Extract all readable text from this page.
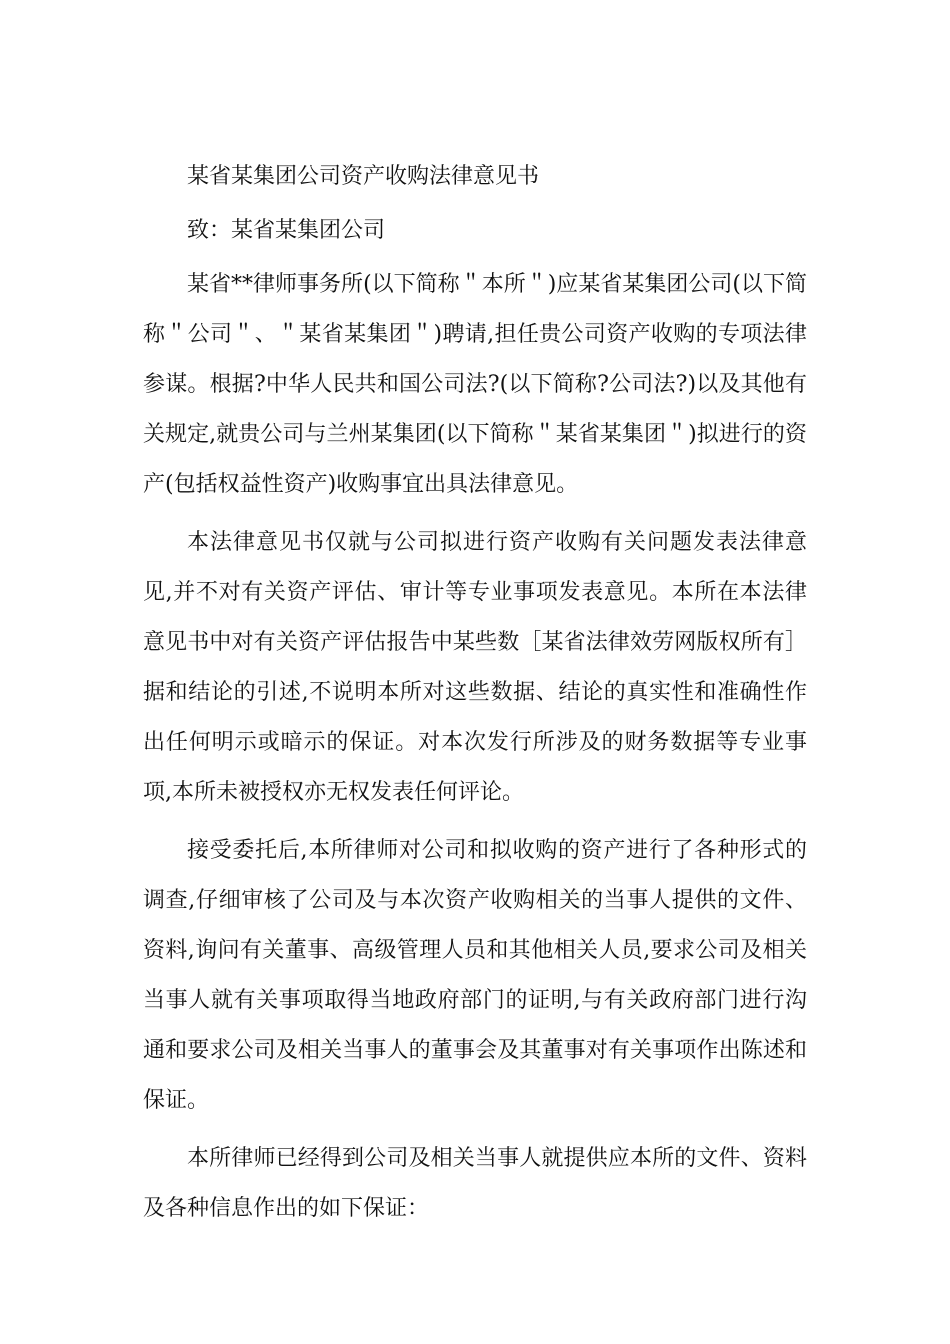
某省某集团公司资产收购法律意见书

致：某省某集团公司

某省**律师事务所(以下简称＂本所＂)应某省某集团公司(以下简称＂公司＂、＂某省某集团＂)聘请,担任贵公司资产收购的专项法律参谋。根据?中华人民共和国公司法?(以下简称?公司法?)以及其他有关规定,就贵公司与兰州某集团(以下简称＂某省某集团＂)拟进行的资产(包括权益性资产)收购事宜出具法律意见。

本法律意见书仅就与公司拟进行资产收购有关问题发表法律意见,并不对有关资产评估、审计等专业事项发表意见。本所在本法律意见书中对有关资产评估报告中某些数［某省法律效劳网版权所有］据和结论的引述,不说明本所对这些数据、结论的真实性和准确性作出任何明示或暗示的保证。对本次发行所涉及的财务数据等专业事项,本所未被授权亦无权发表任何评论。

接受委托后,本所律师对公司和拟收购的资产进行了各种形式的调查,仔细审核了公司及与本次资产收购相关的当事人提供的文件、资料,询问有关董事、高级管理人员和其他相关人员,要求公司及相关当事人就有关事项取得当地政府部门的证明,与有关政府部门进行沟通和要求公司及相关当事人的董事会及其董事对有关事项作出陈述和保证。

本所律师已经得到公司及相关当事人就提供应本所的文件、资料及各种信息作出的如下保证：
